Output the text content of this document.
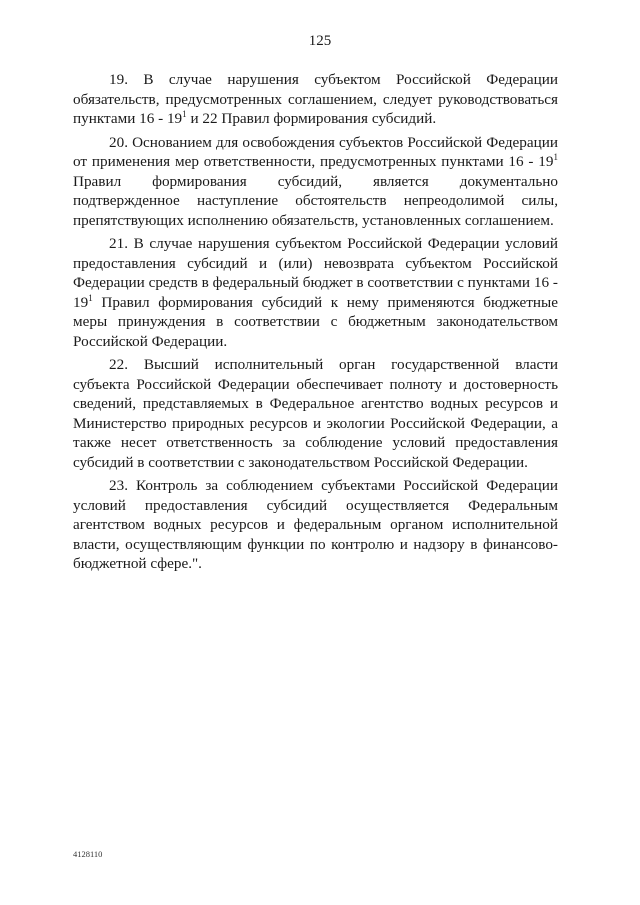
125

19. В случае нарушения субъектом Российской Федерации обязательств, предусмотренных соглашением, следует руководствоваться пунктами $16 - 19^1$ и 22 Правил формирования субсидий.

20. Основанием для освобождения субъектов Российской Федерации от применения мер ответственности, предусмотренных пунктами $16 - 19^1$ Правил формирования субсидий, является документально подтвержденное наступление обстоятельств непреодолимой силы, препятствующих исполнению обязательств, установленных соглашением.

21. В случае нарушения субъектом Российской Федерации условий предоставления субсидий и (или) невозврата субъектом Российской Федерации средств в федеральный бюджет в соответствии с пунктами $16 - 19^1$ Правил формирования субсидий к нему применяются бюджетные меры принуждения в соответствии с бюджетным законодательством Российской Федерации.

22. Высший исполнительный орган государственной власти субъекта Российской Федерации обеспечивает полноту и достоверность сведений, представляемых в Федеральное агентство водных ресурсов и Министерство природных ресурсов и экологии Российской Федерации, а также несет ответственность за соблюдение условий предоставления субсидий в соответствии с законодательством Российской Федерации.

23. Контроль за соблюдением субъектами Российской Федерации условий предоставления субсидий осуществляется Федеральным агентством водных ресурсов и федеральным органом исполнительной власти, осуществляющим функции по контролю и надзору в финансово-бюджетной сфере.".

4128110
